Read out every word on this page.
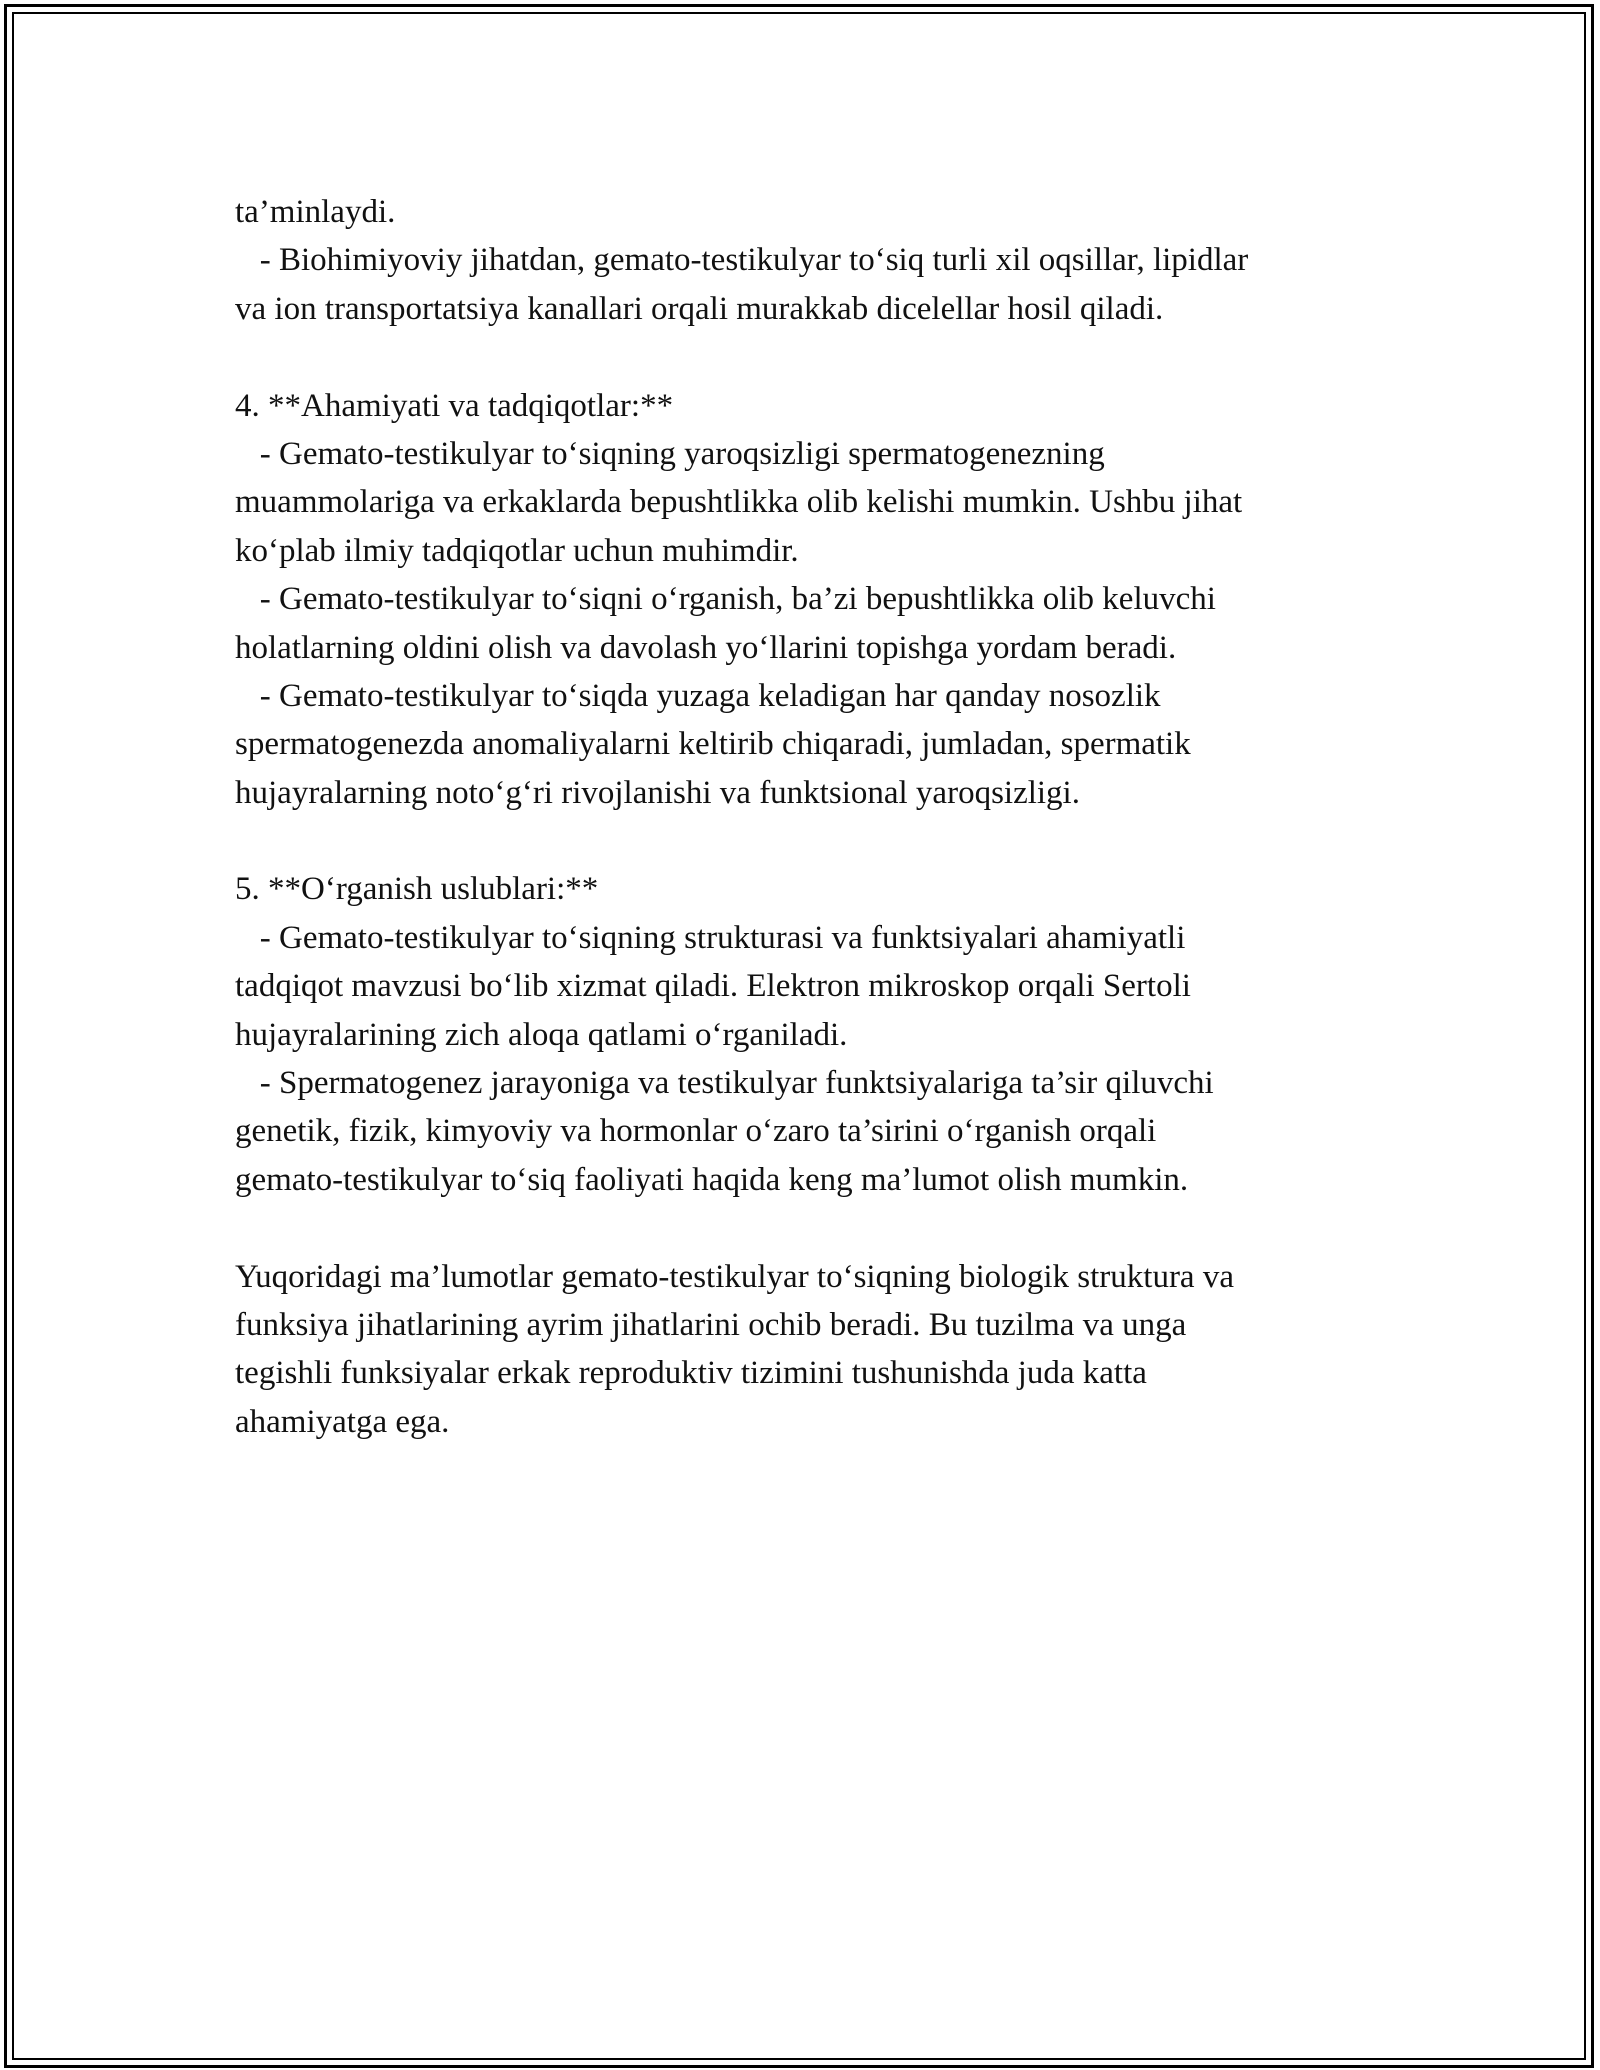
ta’minlaydi.
- Biohimiyoviy jihatdan, gemato-testikulyar to‘siq turli xil oqsillar, lipidlar
va ion transportatsiya kanallari orqali murakkab dicelellar hosil qiladi.
4. **Ahamiyati va tadqiqotlar:**
- Gemato-testikulyar to‘siqning yaroqsizligi spermatogenezning
muammolariga va erkaklarda bepushtlikka olib kelishi mumkin. Ushbu jihat
ko‘plab ilmiy tadqiqotlar uchun muhimdir.
- Gemato-testikulyar to‘siqni o‘rganish, ba’zi bepushtlikka olib keluvchi
holatlarning oldini olish va davolash yo‘llarini topishga yordam beradi.
- Gemato-testikulyar to‘siqda yuzaga keladigan har qanday nosozlik
spermatogenezda anomaliyalarni keltirib chiqaradi, jumladan, spermatik
hujayralarning noto‘g‘ri rivojlanishi va funktsional yaroqsizligi.
5. **O‘rganish uslublari:**
- Gemato-testikulyar to‘siqning strukturasi va funktsiyalari ahamiyatli
tadqiqot mavzusi bo‘lib xizmat qiladi. Elektron mikroskop orqali Sertoli
hujayralarining zich aloqa qatlami o‘rganiladi.
- Spermatogenez jarayoniga va testikulyar funktsiyalariga ta’sir qiluvchi
genetik, fizik, kimyoviy va hormonlar o‘zaro ta’sirini o‘rganish orqali
gemato-testikulyar to‘siq faoliyati haqida keng ma’lumot olish mumkin.
Yuqoridagi ma’lumotlar gemato-testikulyar to‘siqning biologik struktura va
funksiya jihatlarining ayrim jihatlarini ochib beradi. Bu tuzilma va unga
tegishli funksiyalar erkak reproduktiv tizimini tushunishda juda katta
ahamiyatga ega.
